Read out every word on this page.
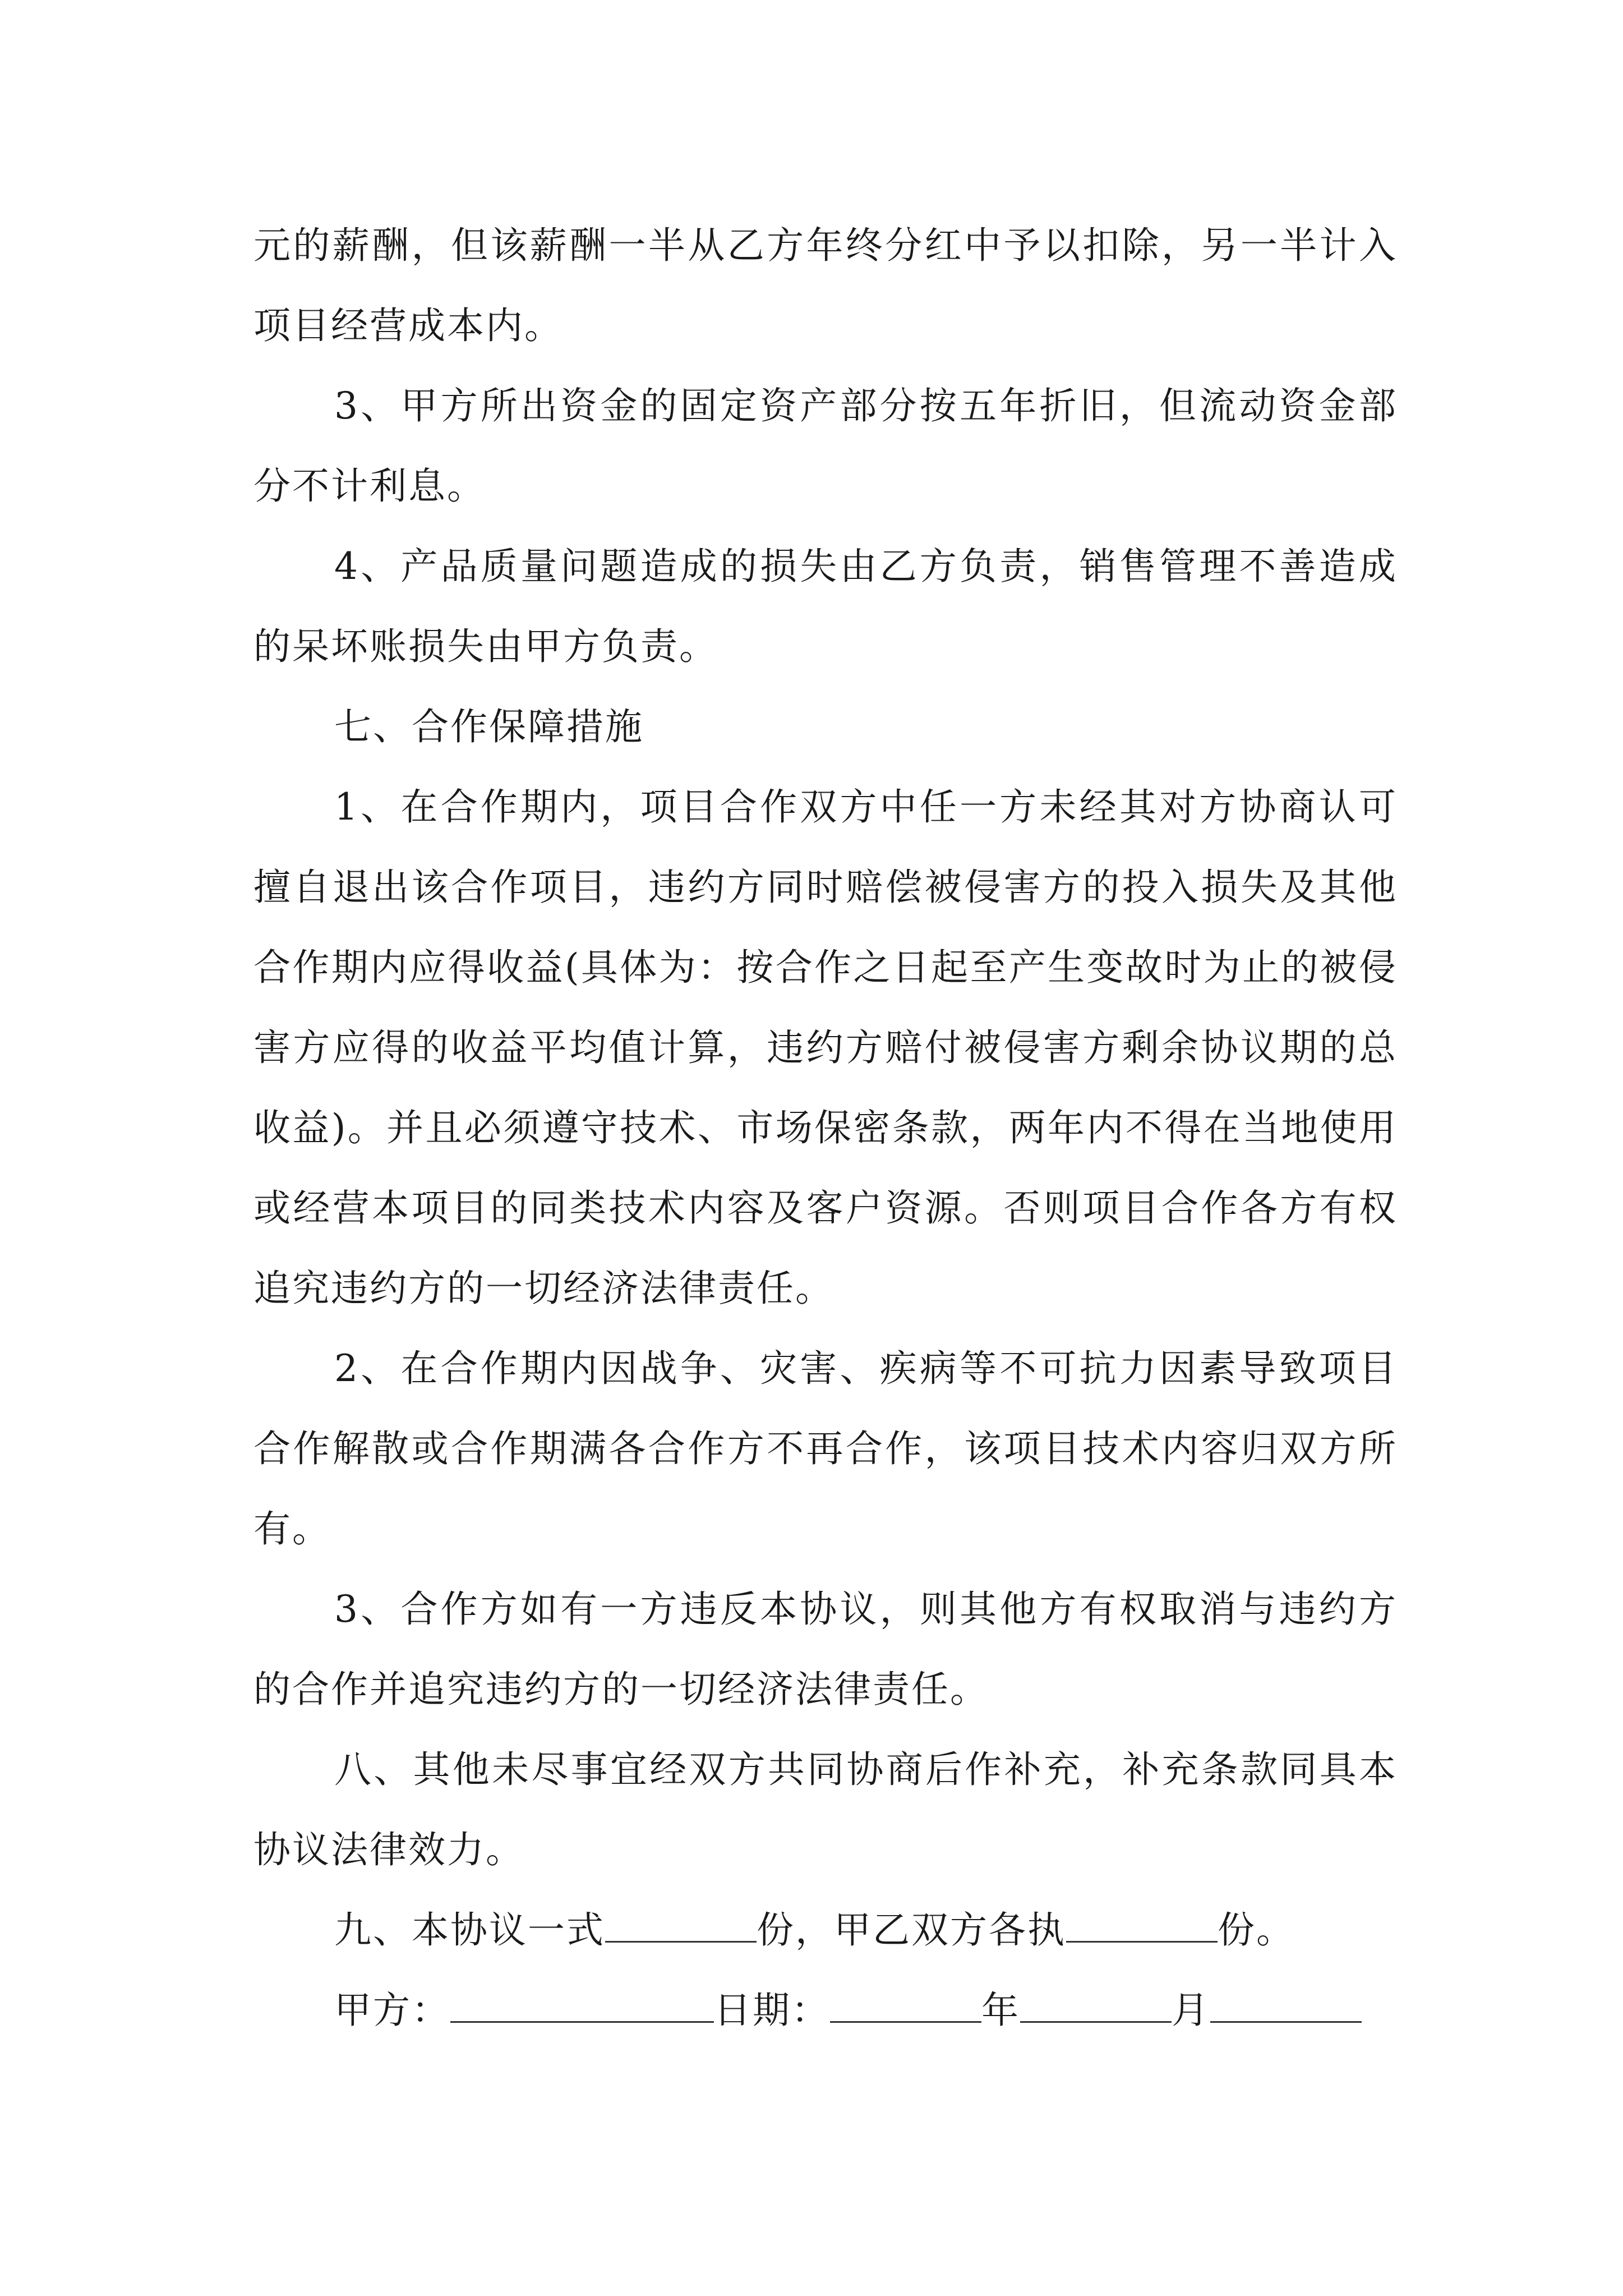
元的薪酬，但该薪酬一半从乙方年终分红中予以扣除，另一半计入项目经营成本内。

3、甲方所出资金的固定资产部分按五年折旧，但流动资金部分不计利息。

4、产品质量问题造成的损失由乙方负责，销售管理不善造成的呆坏账损失由甲方负责。

七、合作保障措施

1、在合作期内，项目合作双方中任一方未经其对方协商认可擅自退出该合作项目，违约方同时赔偿被侵害方的投入损失及其他合作期内应得收益(具体为：按合作之日起至产生变故时为止的被侵害方应得的收益平均值计算，违约方赔付被侵害方剩余协议期的总收益)。并且必须遵守技术、市场保密条款，两年内不得在当地使用或经营本项目的同类技术内容及客户资源。否则项目合作各方有权追究违约方的一切经济法律责任。

2、在合作期内因战争、灾害、疾病等不可抗力因素导致项目合作解散或合作期满各合作方不再合作，该项目技术内容归双方所有。

3、合作方如有一方违反本协议，则其他方有权取消与违约方的合作并追究违约方的一切经济法律责任。

八、其他未尽事宜经双方共同协商后作补充，补充条款同具本协议法律效力。

九、本协议一式	份，甲乙双方各执	份。

甲方：	日期：	年	月
